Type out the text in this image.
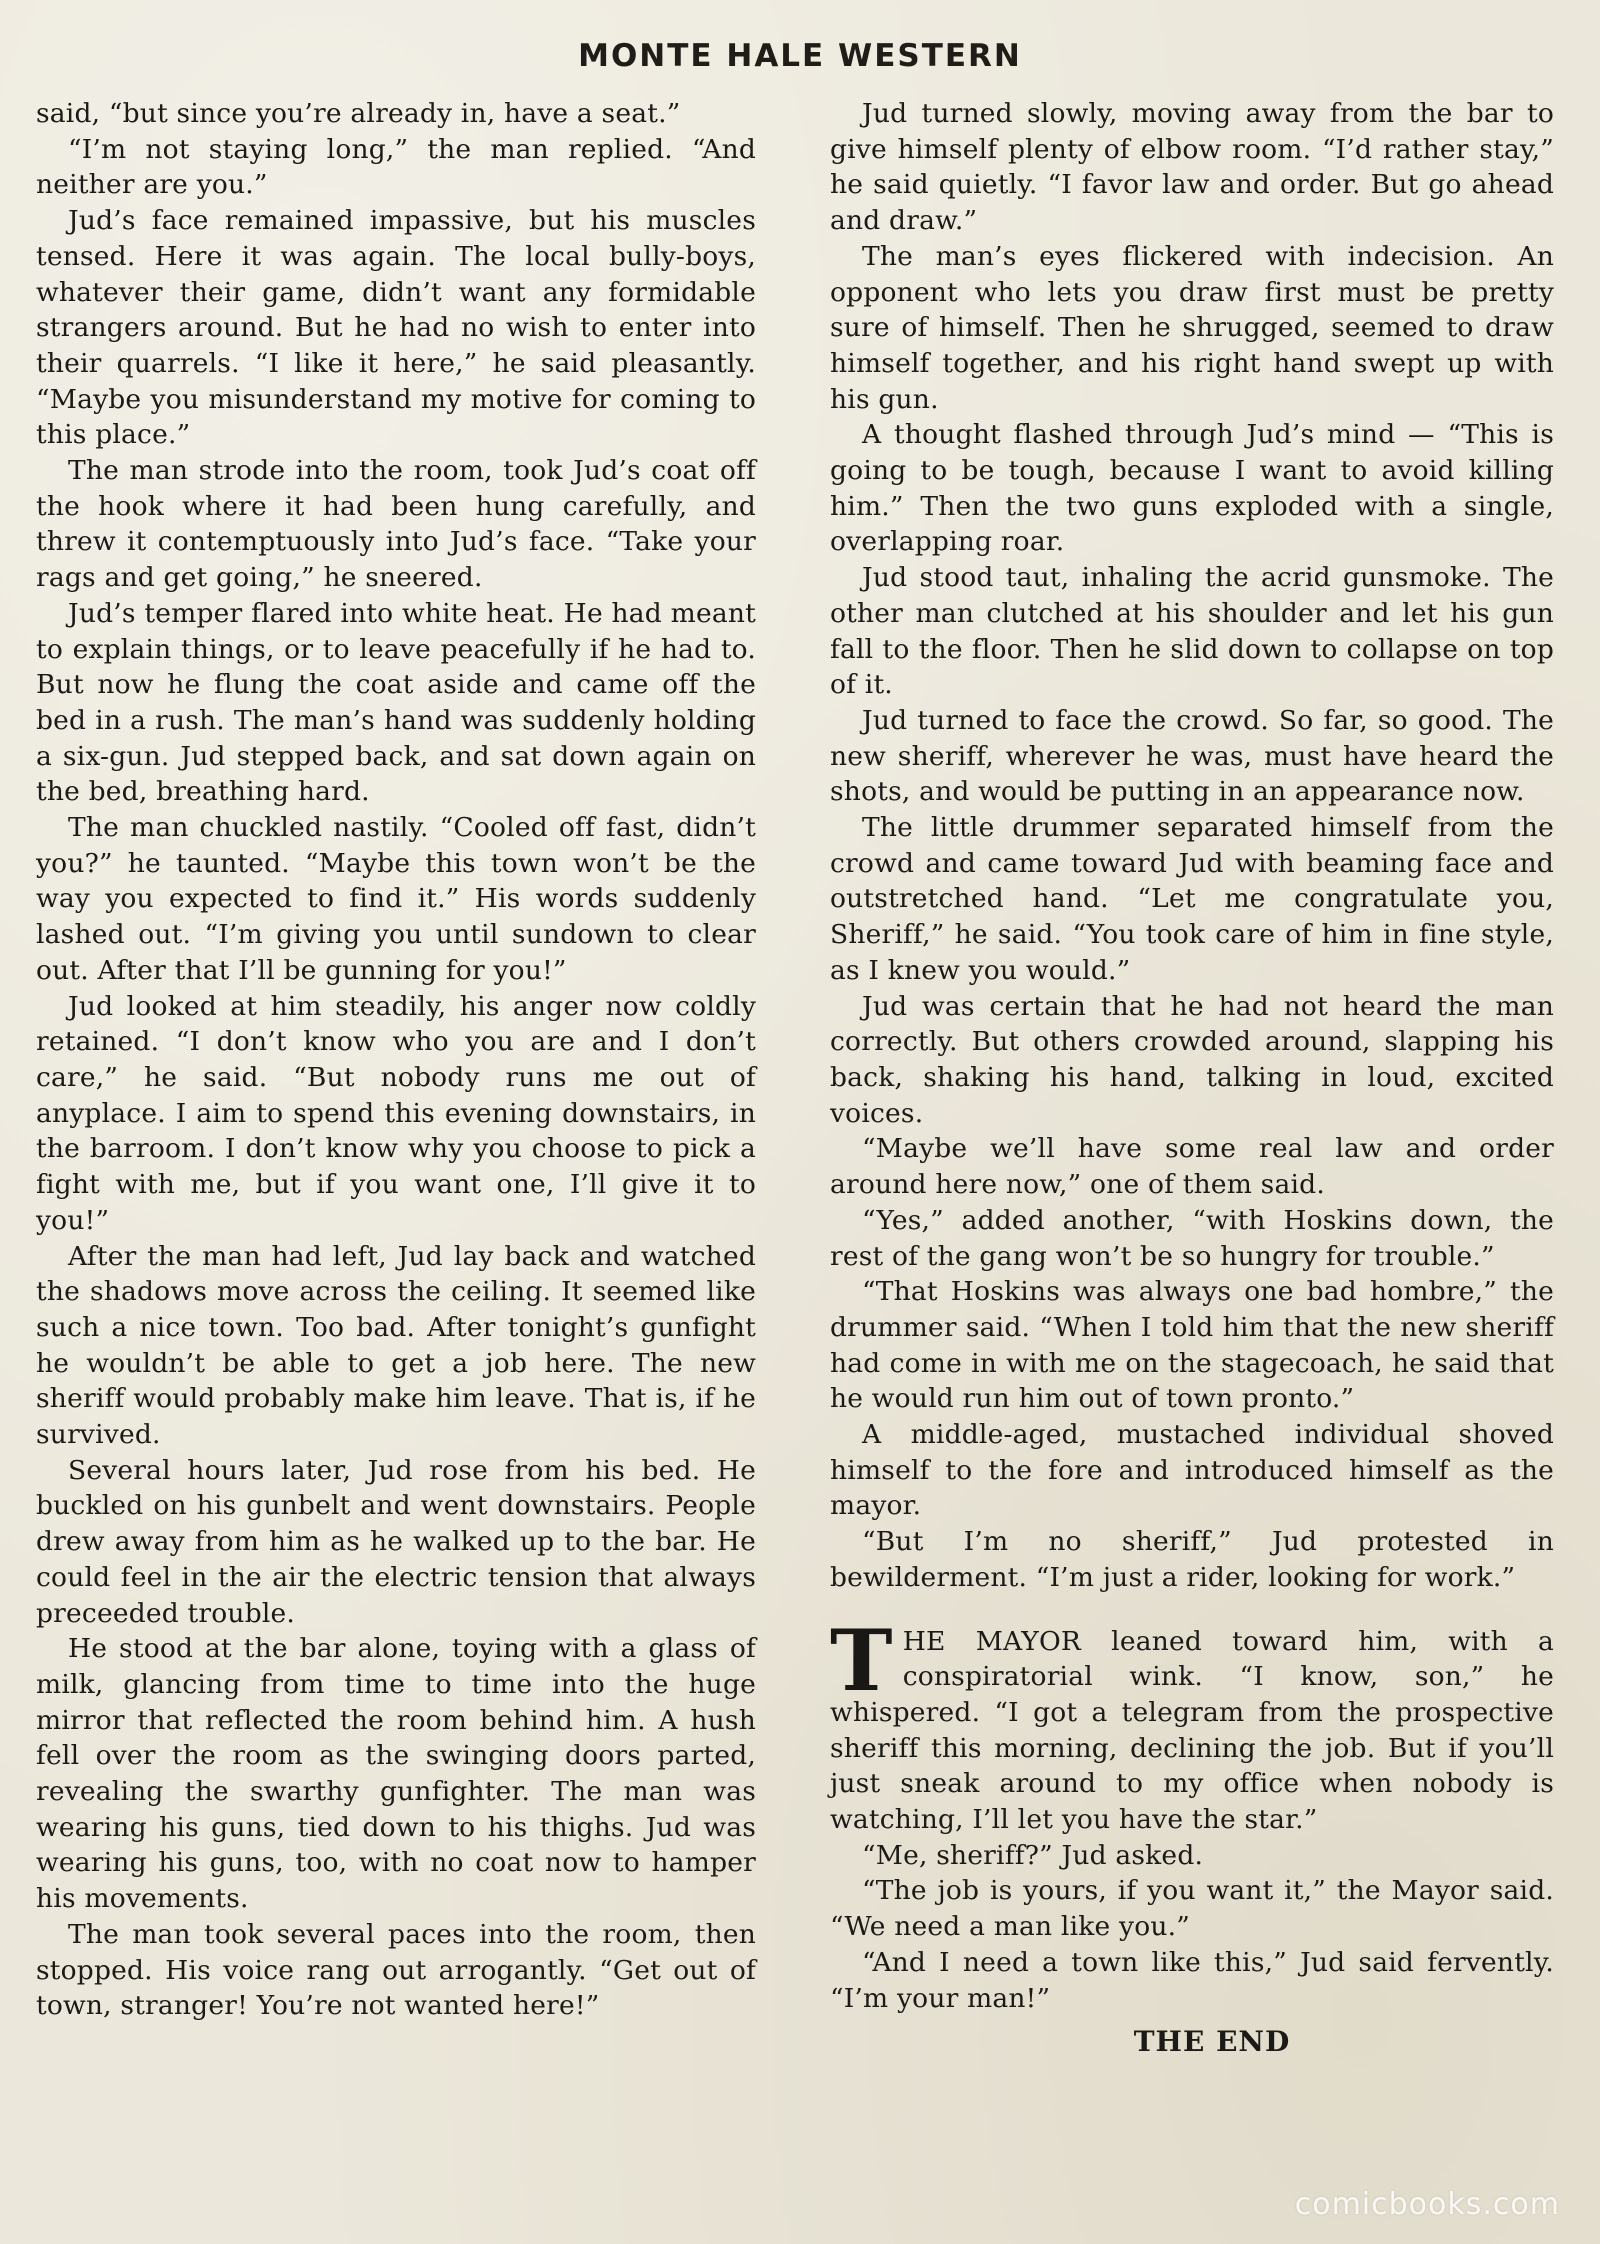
MONTE HALE WESTERN

said, “but since you’re already in, have a seat.”

“I’m not staying long,” the man replied. “And neither are you.”

Jud’s face remained impassive, but his muscles tensed. Here it was again. The local bully-boys, whatever their game, didn’t want any formidable strangers around. But he had no wish to enter into their quarrels. “I like it here,” he said pleasantly. “Maybe you misunderstand my motive for coming to this place.”

The man strode into the room, took Jud’s coat off the hook where it had been hung carefully, and threw it contemptuously into Jud’s face. “Take your rags and get going,” he sneered.

Jud’s temper flared into white heat. He had meant to explain things, or to leave peacefully if he had to. But now he flung the coat aside and came off the bed in a rush. The man’s hand was suddenly holding a six-gun. Jud stepped back, and sat down again on the bed, breathing hard.

The man chuckled nastily. “Cooled off fast, didn’t you?” he taunted. “Maybe this town won’t be the way you expected to find it.” His words suddenly lashed out. “I’m giving you until sundown to clear out. After that I’ll be gunning for you!”

Jud looked at him steadily, his anger now coldly retained. “I don’t know who you are and I don’t care,” he said. “But nobody runs me out of anyplace. I aim to spend this evening downstairs, in the barroom. I don’t know why you choose to pick a fight with me, but if you want one, I’ll give it to you!”

After the man had left, Jud lay back and watched the shadows move across the ceiling. It seemed like such a nice town. Too bad. After tonight’s gunfight he wouldn’t be able to get a job here. The new sheriff would probably make him leave. That is, if he survived.

Several hours later, Jud rose from his bed. He buckled on his gunbelt and went downstairs. People drew away from him as he walked up to the bar. He could feel in the air the electric tension that always preceeded trouble.

He stood at the bar alone, toying with a glass of milk, glancing from time to time into the huge mirror that reflected the room behind him. A hush fell over the room as the swinging doors parted, revealing the swarthy gunfighter. The man was wearing his guns, tied down to his thighs. Jud was wearing his guns, too, with no coat now to hamper his movements.

The man took several paces into the room, then stopped. His voice rang out arrogantly. “Get out of town, stranger! You’re not wanted here!”

Jud turned slowly, moving away from the bar to give himself plenty of elbow room. “I’d rather stay,” he said quietly. “I favor law and order. But go ahead and draw.”

The man’s eyes flickered with indecision. An opponent who lets you draw first must be pretty sure of himself. Then he shrugged, seemed to draw himself together, and his right hand swept up with his gun.

A thought flashed through Jud’s mind — “This is going to be tough, because I want to avoid killing him.” Then the two guns exploded with a single, overlapping roar.

Jud stood taut, inhaling the acrid gunsmoke. The other man clutched at his shoulder and let his gun fall to the floor. Then he slid down to collapse on top of it.

Jud turned to face the crowd. So far, so good. The new sheriff, wherever he was, must have heard the shots, and would be putting in an appearance now.

The little drummer separated himself from the crowd and came toward Jud with beaming face and outstretched hand. “Let me congratulate you, Sheriff,” he said. “You took care of him in fine style, as I knew you would.”

Jud was certain that he had not heard the man correctly. But others crowded around, slapping his back, shaking his hand, talking in loud, excited voices.

“Maybe we’ll have some real law and order around here now,” one of them said.

“Yes,” added another, “with Hoskins down, the rest of the gang won’t be so hungry for trouble.”

“That Hoskins was always one bad hombre,” the drummer said. “When I told him that the new sheriff had come in with me on the stagecoach, he said that he would run him out of town pronto.”

A middle-aged, mustached individual shoved himself to the fore and introduced himself as the mayor.

“But I’m no sheriff,” Jud protested in bewilderment. “I’m just a rider, looking for work.”

THE MAYOR leaned toward him, with a conspiratorial wink. “I know, son,” he whispered. “I got a telegram from the prospective sheriff this morning, declining the job. But if you’ll just sneak around to my office when nobody is watching, I’ll let you have the star.”

“Me, sheriff?” Jud asked.

“The job is yours, if you want it,” the Mayor said. “We need a man like you.”

“And I need a town like this,” Jud said fervently. “I’m your man!”

THE END
comicbooks.com
